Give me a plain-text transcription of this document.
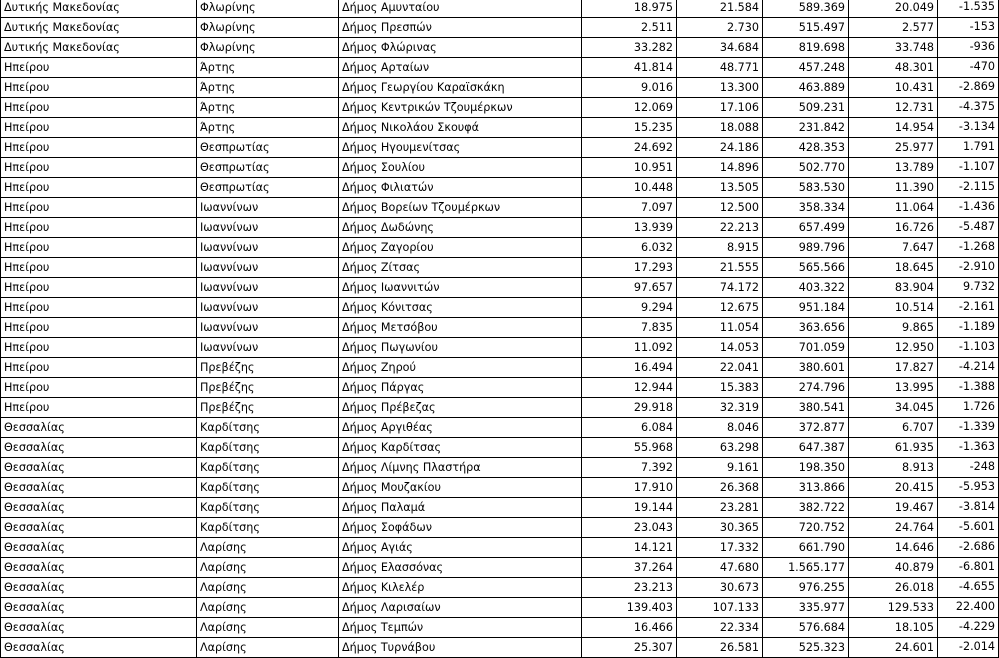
Δυτικής Μακεδονίας	Φλωρίνης	Δήμος Αμυνταίου	18.975	21.584	589.369	20.049	-1.535
Δυτικής Μακεδονίας	Φλωρίνης	Δήμος Πρεσπών	2.511	2.730	515.497	2.577	-153
Δυτικής Μακεδονίας	Φλωρίνης	Δήμος Φλώρινας	33.282	34.684	819.698	33.748	-936
Ηπείρου	Άρτης	Δήμος Αρταίων	41.814	48.771	457.248	48.301	-470
Ηπείρου	Άρτης	Δήμος Γεωργίου Καραϊσκάκη	9.016	13.300	463.889	10.431	-2.869
Ηπείρου	Άρτης	Δήμος Κεντρικών Τζουμέρκων	12.069	17.106	509.231	12.731	-4.375
Ηπείρου	Άρτης	Δήμος Νικολάου Σκουφά	15.235	18.088	231.842	14.954	-3.134
Ηπείρου	Θεσπρωτίας	Δήμος Ηγουμενίτσας	24.692	24.186	428.353	25.977	1.791
Ηπείρου	Θεσπρωτίας	Δήμος Σουλίου	10.951	14.896	502.770	13.789	-1.107
Ηπείρου	Θεσπρωτίας	Δήμος Φιλιατών	10.448	13.505	583.530	11.390	-2.115
Ηπείρου	Ιωαννίνων	Δήμος Βορείων Τζουμέρκων	7.097	12.500	358.334	11.064	-1.436
Ηπείρου	Ιωαννίνων	Δήμος Δωδώνης	13.939	22.213	657.499	16.726	-5.487
Ηπείρου	Ιωαννίνων	Δήμος Ζαγορίου	6.032	8.915	989.796	7.647	-1.268
Ηπείρου	Ιωαννίνων	Δήμος Ζίτσας	17.293	21.555	565.566	18.645	-2.910
Ηπείρου	Ιωαννίνων	Δήμος Ιωαννιτών	97.657	74.172	403.322	83.904	9.732
Ηπείρου	Ιωαννίνων	Δήμος Κόνιτσας	9.294	12.675	951.184	10.514	-2.161
Ηπείρου	Ιωαννίνων	Δήμος Μετσόβου	7.835	11.054	363.656	9.865	-1.189
Ηπείρου	Ιωαννίνων	Δήμος Πωγωνίου	11.092	14.053	701.059	12.950	-1.103
Ηπείρου	Πρεβέζης	Δήμος Ζηρού	16.494	22.041	380.601	17.827	-4.214
Ηπείρου	Πρεβέζης	Δήμος Πάργας	12.944	15.383	274.796	13.995	-1.388
Ηπείρου	Πρεβέζης	Δήμος Πρέβεζας	29.918	32.319	380.541	34.045	1.726
Θεσσαλίας	Καρδίτσης	Δήμος Αργιθέας	6.084	8.046	372.877	6.707	-1.339
Θεσσαλίας	Καρδίτσης	Δήμος Καρδίτσας	55.968	63.298	647.387	61.935	-1.363
Θεσσαλίας	Καρδίτσης	Δήμος Λίμνης Πλαστήρα	7.392	9.161	198.350	8.913	-248
Θεσσαλίας	Καρδίτσης	Δήμος Μουζακίου	17.910	26.368	313.866	20.415	-5.953
Θεσσαλίας	Καρδίτσης	Δήμος Παλαμά	19.144	23.281	382.722	19.467	-3.814
Θεσσαλίας	Καρδίτσης	Δήμος Σοφάδων	23.043	30.365	720.752	24.764	-5.601
Θεσσαλίας	Λαρίσης	Δήμος Αγιάς	14.121	17.332	661.790	14.646	-2.686
Θεσσαλίας	Λαρίσης	Δήμος Ελασσόνας	37.264	47.680	1.565.177	40.879	-6.801
Θεσσαλίας	Λαρίσης	Δήμος Κιλελέρ	23.213	30.673	976.255	26.018	-4.655
Θεσσαλίας	Λαρίσης	Δήμος Λαρισαίων	139.403	107.133	335.977	129.533	22.400
Θεσσαλίας	Λαρίσης	Δήμος Τεμπών	16.466	22.334	576.684	18.105	-4.229
Θεσσαλίας	Λαρίσης	Δήμος Τυρνάβου	25.307	26.581	525.323	24.601	-2.014
